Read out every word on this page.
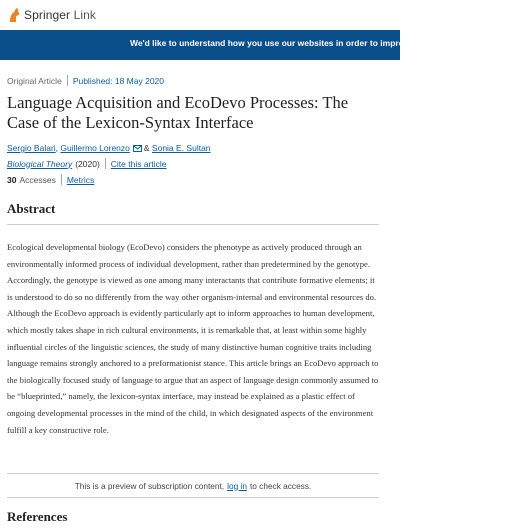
Springer Link
We'd like to understand how you use our websites in order to improve them. Register your interest.
Original Article Published: 18 May 2020
Language Acquisition and EcoDevo Processes: The Case of the Lexicon-Syntax Interface
Sergio Balari ,
Guillermo Lorenzo &
Sonia E. Sultan
Biological Theory (2020) Cite this article
30 Accesses Metrics
Abstract

Ecological developmental biology (EcoDevo) considers the phenotype as actively produced through an environmentally informed process of individual development, rather than predetermined by the genotype. Accordingly, the genotype is viewed as one among many interactants that contribute formative elements; it is understood to do so no differently from the way other organism-internal and environmental resources do. Although the EcoDevo approach is evidently particularly apt to inform approaches to human development, which mostly takes shape in rich cultural environments, it is remarkable that, at least within some highly influential circles of the linguistic sciences, the study of many distinctive human cognitive traits including language remains strongly anchored to a preformationist stance. This article brings an EcoDevo approach to the biologically focused study of language to argue that an aspect of language design commonly assumed to be “blueprinted,” namely, the lexicon-syntax interface, may instead be explained as a plastic effect of ongoing developmental processes in the mind of the child, in which designated aspects of the environment fulfill a key constructive role.

This is a preview of subscription content, log in to check access.
References
